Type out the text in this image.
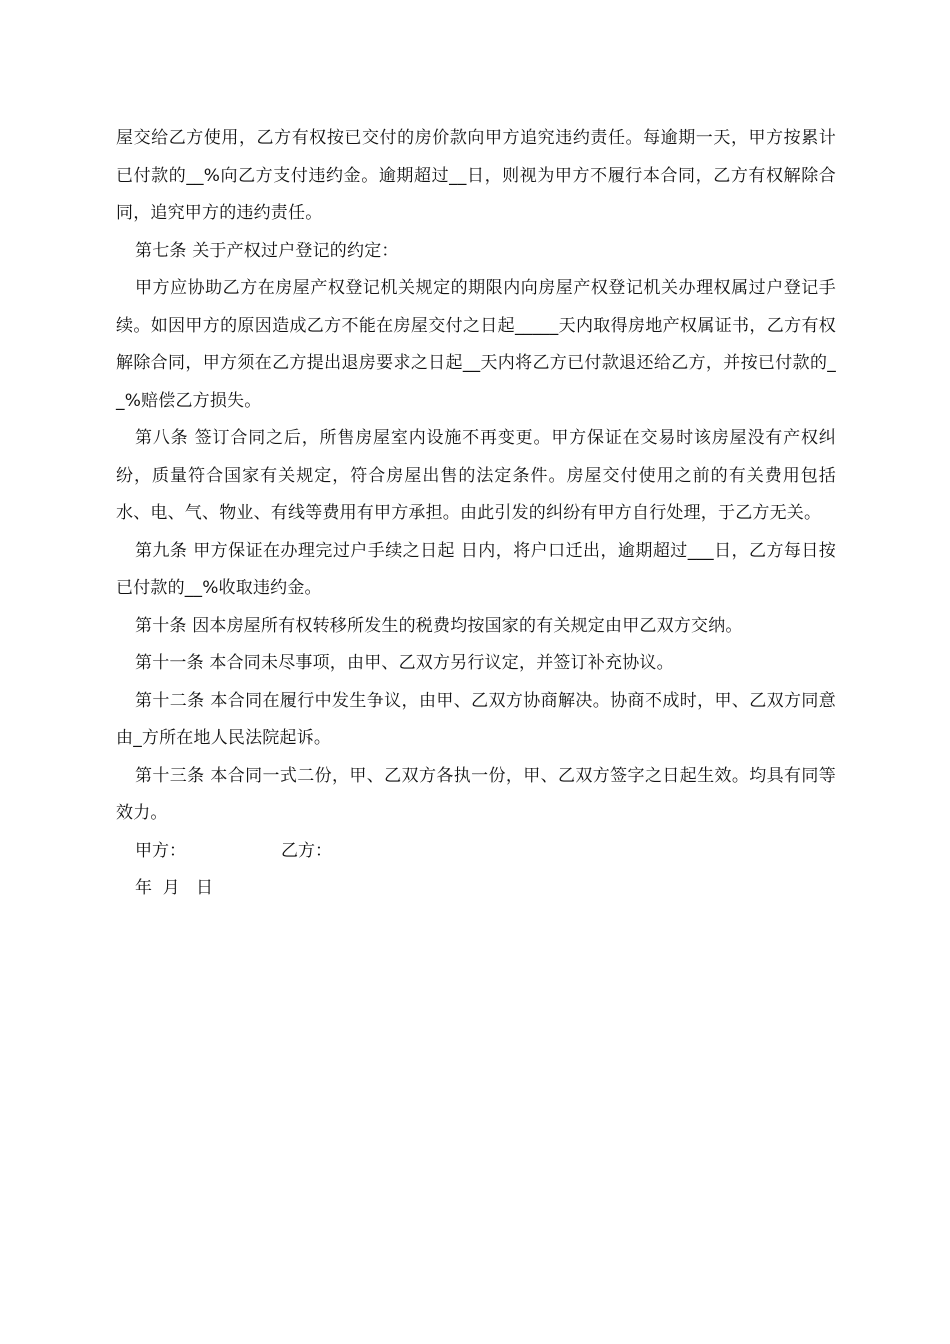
屋交给乙方使用，乙方有权按已交付的房价款向甲方追究违约责任。每逾期一天，甲方按累计已付款的__%向乙方支付违约金。逾期超过__日，则视为甲方不履行本合同，乙方有权解除合同，追究甲方的违约责任。

第七条 关于产权过户登记的约定：

甲方应协助乙方在房屋产权登记机关规定的期限内向房屋产权登记机关办理权属过户登记手续。如因甲方的原因造成乙方不能在房屋交付之日起_____天内取得房地产权属证书，乙方有权解除合同，甲方须在乙方提出退房要求之日起__天内将乙方已付款退还给乙方，并按已付款的__%赔偿乙方损失。

第八条 签订合同之后，所售房屋室内设施不再变更。甲方保证在交易时该房屋没有产权纠纷，质量符合国家有关规定，符合房屋出售的法定条件。房屋交付使用之前的有关费用包括水、电、气、物业、有线等费用有甲方承担。由此引发的纠纷有甲方自行处理，于乙方无关。

第九条 甲方保证在办理完过户手续之日起 日内，将户口迁出，逾期超过___日，乙方每日按已付款的__%收取违约金。

第十条 因本房屋所有权转移所发生的税费均按国家的有关规定由甲乙双方交纳。

第十一条 本合同未尽事项，由甲、乙双方另行议定，并签订补充协议。

第十二条 本合同在履行中发生争议，由甲、乙双方协商解决。协商不成时，甲、乙双方同意由_方所在地人民法院起诉。

第十三条 本合同一式二份，甲、乙双方各执一份，甲、乙双方签字之日起生效。均具有同等效力。

甲方：	乙方：

年  月   日
